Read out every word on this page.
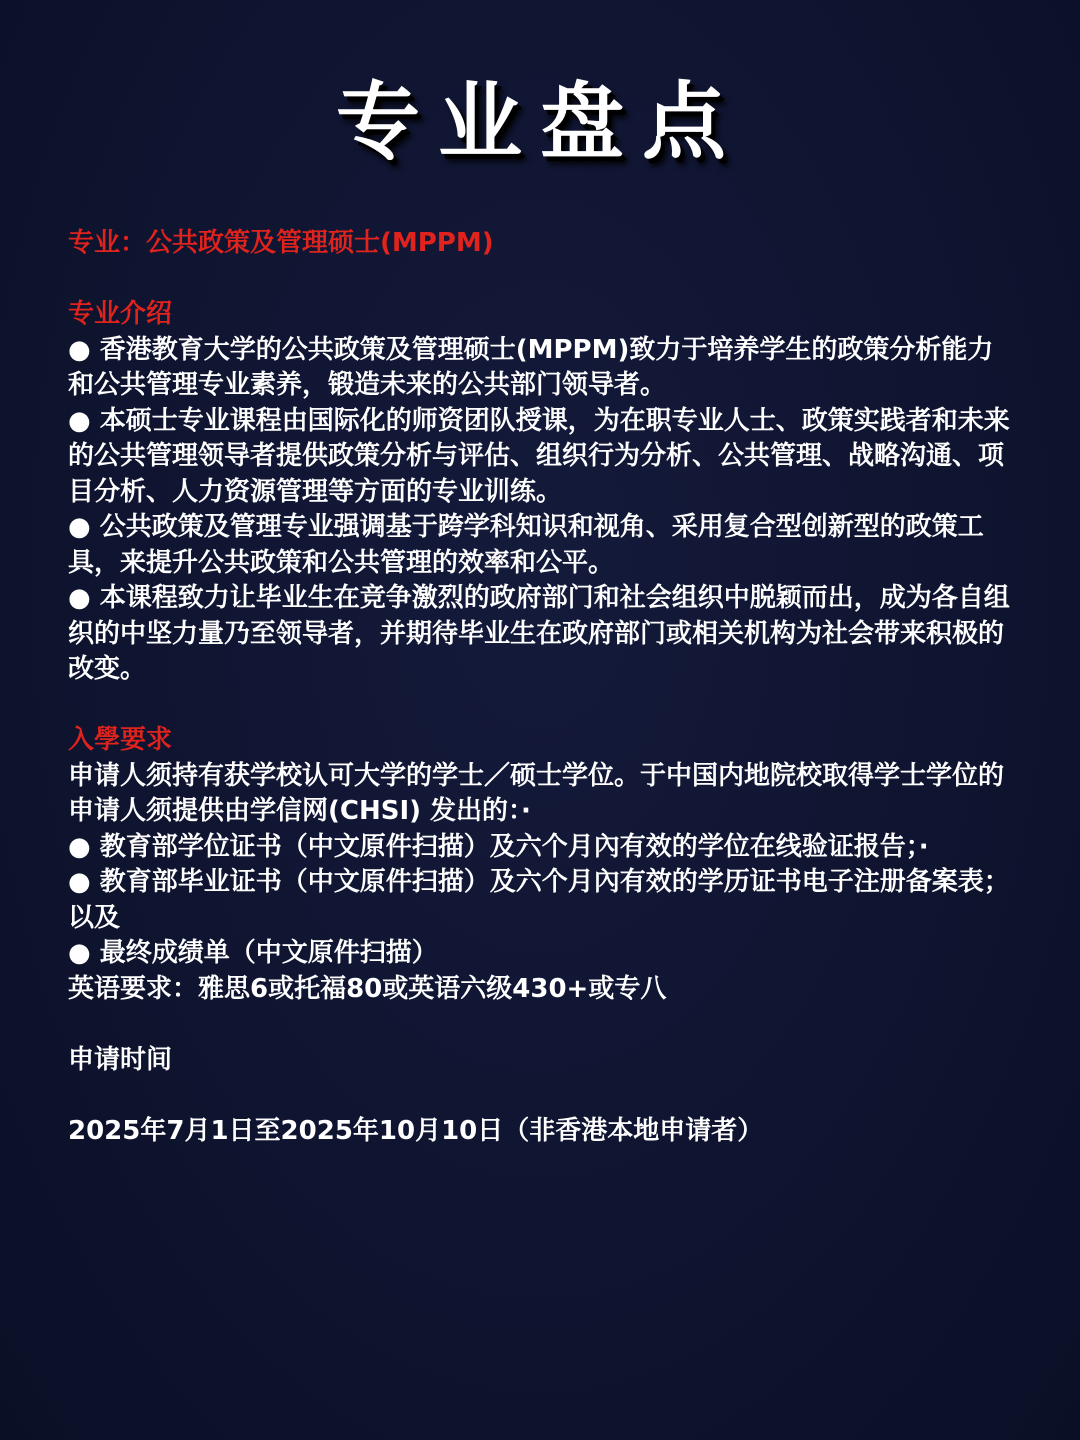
专业盘点
专业：公共政策及管理硕士(MPPM)
专业介绍
● 香港教育大学的公共政策及管理硕士(MPPM)致力于培养学生的政策分析能力和公共管理专业素养，锻造未来的公共部门领导者。
● 本硕士专业课程由国际化的师资团队授课，为在职专业人士、政策实践者和未来的公共管理领导者提供政策分析与评估、组织行为分析、公共管理、战略沟通、项目分析、人力资源管理等方面的专业训练。
● 公共政策及管理专业强调基于跨学科知识和视角、采用复合型创新型的政策工具，来提升公共政策和公共管理的效率和公平。
● 本课程致力让毕业生在竞争激烈的政府部门和社会组织中脱颖而出，成为各自组织的中坚力量乃至领导者，并期待毕业生在政府部门或相关机构为社会带来积极的改变。
入學要求
申请人须持有获学校认可大学的学士／硕士学位。于中国内地院校取得学士学位的申请人须提供由学信网(CHSI) 发出的：·
● 教育部学位证书（中文原件扫描）及六个月內有效的学位在线验证报告；·
● 教育部毕业证书（中文原件扫描）及六个月內有效的学历证书电子注册备案表；以及
● 最终成绩单（中文原件扫描）
英语要求：雅思6或托福80或英语六级430+或专八
申请时间
2025年7月1日至2025年10月10日（非香港本地申请者）
